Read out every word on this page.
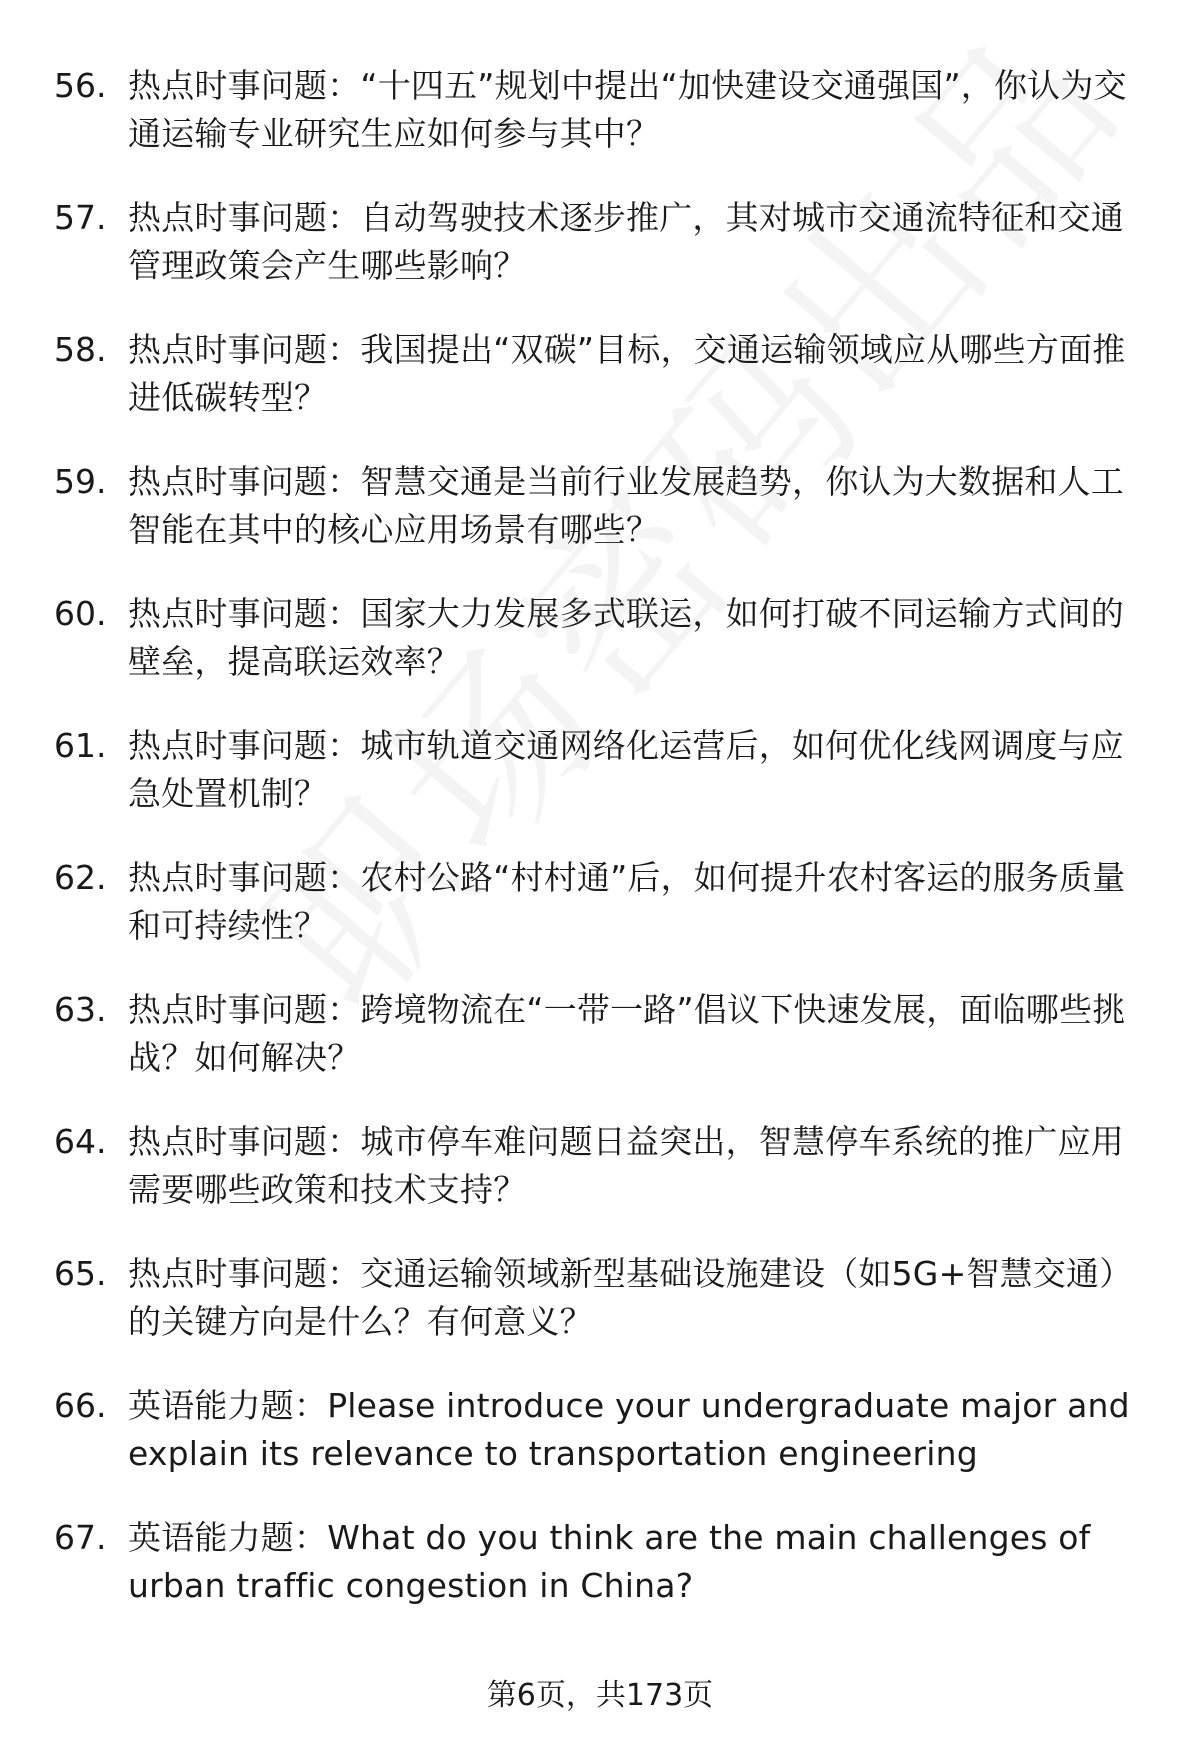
56. 热点时事问题：“十四五”规划中提出“加快建设交通强国”，你认为交通运输专业研究生应如何参与其中？
57. 热点时事问题：自动驾驶技术逐步推广，其对城市交通流特征和交通管理政策会产生哪些影响？
58. 热点时事问题：我国提出“双碳”目标，交通运输领域应从哪些方面推进低碳转型？
59. 热点时事问题：智慧交通是当前行业发展趋势，你认为大数据和人工智能在其中的核心应用场景有哪些？
60. 热点时事问题：国家大力发展多式联运，如何打破不同运输方式间的壁垒，提高联运效率？
61. 热点时事问题：城市轨道交通网络化运营后，如何优化线网调度与应急处置机制？
62. 热点时事问题：农村公路“村村通”后，如何提升农村客运的服务质量和可持续性？
63. 热点时事问题：跨境物流在“一带一路”倡议下快速发展，面临哪些挑战？如何解决？
64. 热点时事问题：城市停车难问题日益突出，智慧停车系统的推广应用需要哪些政策和技术支持？
65. 热点时事问题：交通运输领域新型基础设施建设（如5G+智慧交通）的关键方向是什么？有何意义？
66. 英语能力题：Please introduce your undergraduate major and explain its relevance to transportation engineering
67. 英语能力题：What do you think are the main challenges of urban traffic congestion in China?
第6页，共173页
